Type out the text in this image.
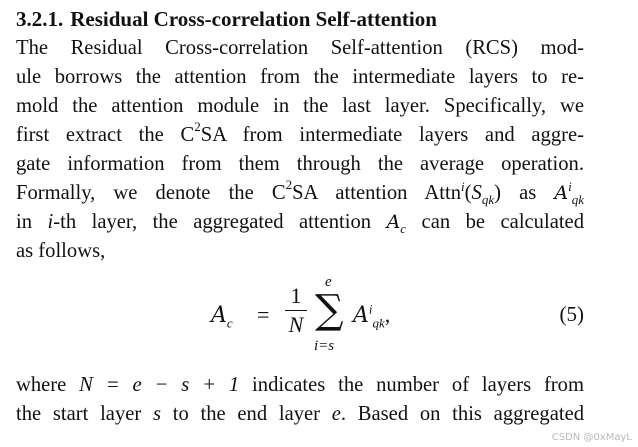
3.2.1. Residual Cross-correlation Self-attention
The Residual Cross-correlation Self-attention (RCS) mod-
ule borrows the attention from the intermediate layers to re-
mold the attention module in the last layer. Specifically, we
first extract the $C^2SA$ from intermediate layers and aggre-
gate information from them through the average operation.
Formally, we denote the $C^2SA$ attention $Attn^i(S_{qk})$ as $A^i_{qk}$
in i-th layer, the aggregated attention $A_c$ can be calculated
as follows,
$A_c$ =
1
N
e
∑
i=s
$A^i_{qk}$,	(5)
where N = e − s + 1 indicates the number of layers from
the start layer s to the end layer e. Based on this aggregated
CSDN @0xMayL
